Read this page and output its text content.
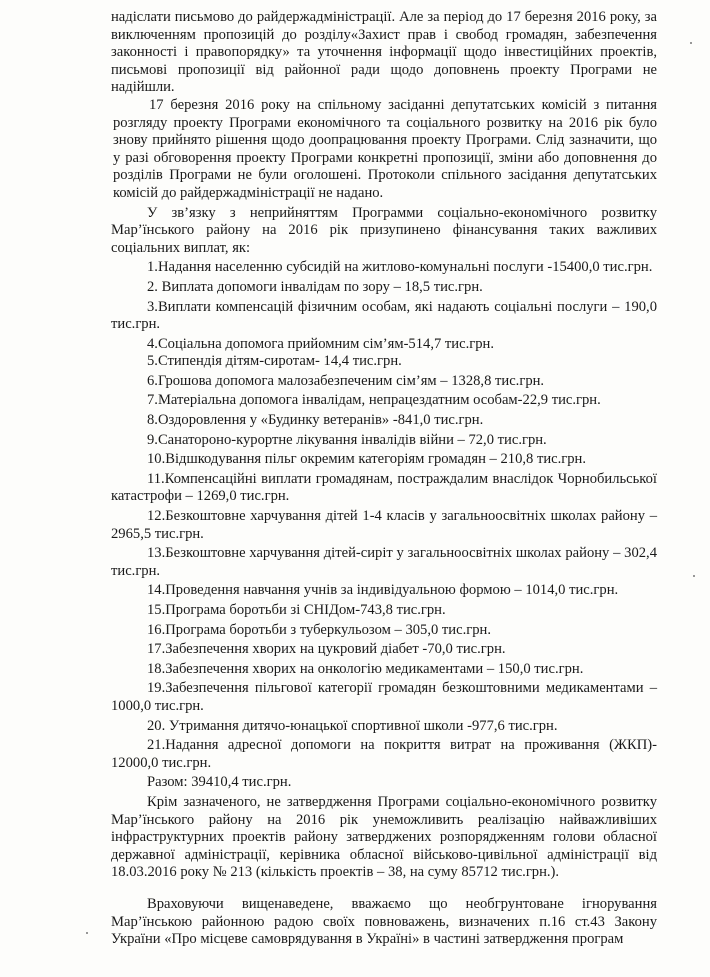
надіслати письмово до райдержадміністрації. Але за період до 17 березня 2016 року, за виключенням пропозицій до розділу«Захист прав і свобод громадян, забезпечення законності і правопорядку» та уточнення інформації щодо інвестиційних проектів, письмові пропозиції від районної ради щодо доповнень проекту Програми не надійшли.

17 березня 2016 року на спільному засіданні депутатських комісій з питання розгляду проекту Програми економічного та соціального розвитку на 2016 рік було знову прийнято рішення щодо доопрацювання проекту Програми. Слід зазначити, що у разі обговорення проекту Програми конкретні пропозиції, зміни або доповнення до розділів Програми не були оголошені. Протоколи спільного засідання депутатських комісій до райдержадміністрації не надано.

У зв’язку з неприйняттям Программи соціально-економічного розвитку Мар’їнського району на 2016 рік призупинено фінансування таких важливих соціальних виплат, як:

1.Надання населенню субсидій на житлово-комунальні послуги -15400,0 тис.грн.

2. Виплата допомоги інвалідам по зору – 18,5 тис.грн.

3.Виплати компенсацій фізичним особам, які надають соціальні послуги – 190,0 тис.грн.

4.Соціальна допомога прийомним сім’ям-514,7 тис.грн.

5.Стипендія дітям-сиротам- 14,4 тис.грн.

6.Грошова допомога малозабезпеченим сім’ям – 1328,8 тис.грн.

7.Матеріальна допомога інвалідам, непрацездатним особам-22,9 тис.грн.

8.Оздоровлення у «Будинку ветеранів» -841,0 тис.грн.

9.Санатороно-курортне лікування інвалідів війни – 72,0 тис.грн.

10.Відшкодування пільг окремим категоріям громадян – 210,8 тис.грн.

11.Компенсаційні виплати громадянам, постраждалим внаслідок Чорнобильської катастрофи – 1269,0 тис.грн.

12.Безкоштовне харчування дітей 1-4 класів у загальноосвітніх школах району – 2965,5 тис.грн.

13.Безкоштовне харчування дітей-сиріт у загальноосвітніх школах району – 302,4 тис.грн.

14.Проведення навчання учнів за індивідуальною формою – 1014,0 тис.грн.

15.Програма боротьби зі СНІДом-743,8 тис.грн.

16.Програма боротьби з туберкульозом – 305,0 тис.грн.

17.Забезпечення хворих на цукровий діабет -70,0 тис.грн.

18.Забезпечення хворих на онкологію медикаментами – 150,0 тис.грн.

19.Забезпечення пільгової категорії громадян безкоштовними медикаментами – 1000,0 тис.грн.

20. Утримання дитячо-юнацької спортивної школи -977,6 тис.грн.

21.Надання адресної допомоги на покриття витрат на проживання (ЖКП)- 12000,0 тис.грн.

Разом: 39410,4 тис.грн.

Крім зазначеного, не затвердження Програми соціально-економічного розвитку Мар’їнського району на 2016 рік унеможливить реалізацію найважливіших інфраструктурних проектів району затверджених розпорядженням голови обласної державної адміністрації, керівника обласної військово-цивільної адміністрації від 18.03.2016 року № 213 (кількість проектів – 38, на суму 85712 тис.грн.).

Враховуючи вищенаведене, вважаємо що необгрунтоване ігнорування Мар’їнською районною радою своїх повноважень, визначених п.16 ст.43 Закону України «Про місцеве самоврядування в Україні» в частині затвердження програм
